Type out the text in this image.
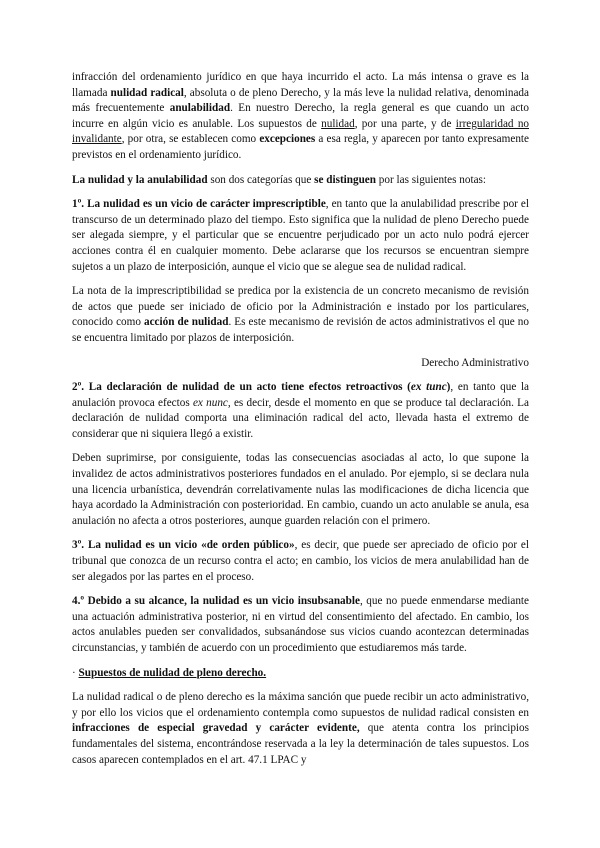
infracción del ordenamiento jurídico en que haya incurrido el acto. La más intensa o grave es la llamada nulidad radical, absoluta o de pleno Derecho, y la más leve la nulidad relativa, denominada más frecuentemente anulabilidad. En nuestro Derecho, la regla general es que cuando un acto incurre en algún vicio es anulable. Los supuestos de nulidad, por una parte, y de irregularidad no invalidante, por otra, se establecen como excepciones a esa regla, y aparecen por tanto expresamente previstos en el ordenamiento jurídico.

La nulidad y la anulabilidad son dos categorías que se distinguen por las siguientes notas:

1º. La nulidad es un vicio de carácter imprescriptible, en tanto que la anulabilidad prescribe por el transcurso de un determinado plazo del tiempo. Esto significa que la nulidad de pleno Derecho puede ser alegada siempre, y el particular que se encuentre perjudicado por un acto nulo podrá ejercer acciones contra él en cualquier momento. Debe aclararse que los recursos se encuentran siempre sujetos a un plazo de interposición, aunque el vicio que se alegue sea de nulidad radical.

La nota de la imprescriptibilidad se predica por la existencia de un concreto mecanismo de revisión de actos que puede ser iniciado de oficio por la Administración e instado por los particulares, conocido como acción de nulidad. Es este mecanismo de revisión de actos administrativos el que no se encuentra limitado por plazos de interposición.

Derecho Administrativo

2º. La declaración de nulidad de un acto tiene efectos retroactivos (ex tunc), en tanto que la anulación provoca efectos ex nunc, es decir, desde el momento en que se produce tal declaración. La declaración de nulidad comporta una eliminación radical del acto, llevada hasta el extremo de considerar que ni siquiera llegó a existir.

Deben suprimirse, por consiguiente, todas las consecuencias asociadas al acto, lo que supone la invalidez de actos administrativos posteriores fundados en el anulado. Por ejemplo, si se declara nula una licencia urbanística, devendrán correlativamente nulas las modificaciones de dicha licencia que haya acordado la Administración con posterioridad. En cambio, cuando un acto anulable se anula, esa anulación no afecta a otros posteriores, aunque guarden relación con el primero.

3º. La nulidad es un vicio «de orden público», es decir, que puede ser apreciado de oficio por el tribunal que conozca de un recurso contra el acto; en cambio, los vicios de mera anulabilidad han de ser alegados por las partes en el proceso.

4.º Debido a su alcance, la nulidad es un vicio insubsanable, que no puede enmendarse mediante una actuación administrativa posterior, ni en virtud del consentimiento del afectado. En cambio, los actos anulables pueden ser convalidados, subsanándose sus vicios cuando acontezcan determinadas circunstancias, y también de acuerdo con un procedimiento que estudiaremos más tarde.

· Supuestos de nulidad de pleno derecho.

La nulidad radical o de pleno derecho es la máxima sanción que puede recibir un acto administrativo, y por ello los vicios que el ordenamiento contempla como supuestos de nulidad radical consisten en infracciones de especial gravedad y carácter evidente, que atenta contra los principios fundamentales del sistema, encontrándose reservada a la ley la determinación de tales supuestos. Los casos aparecen contemplados en el art. 47.1 LPAC y
